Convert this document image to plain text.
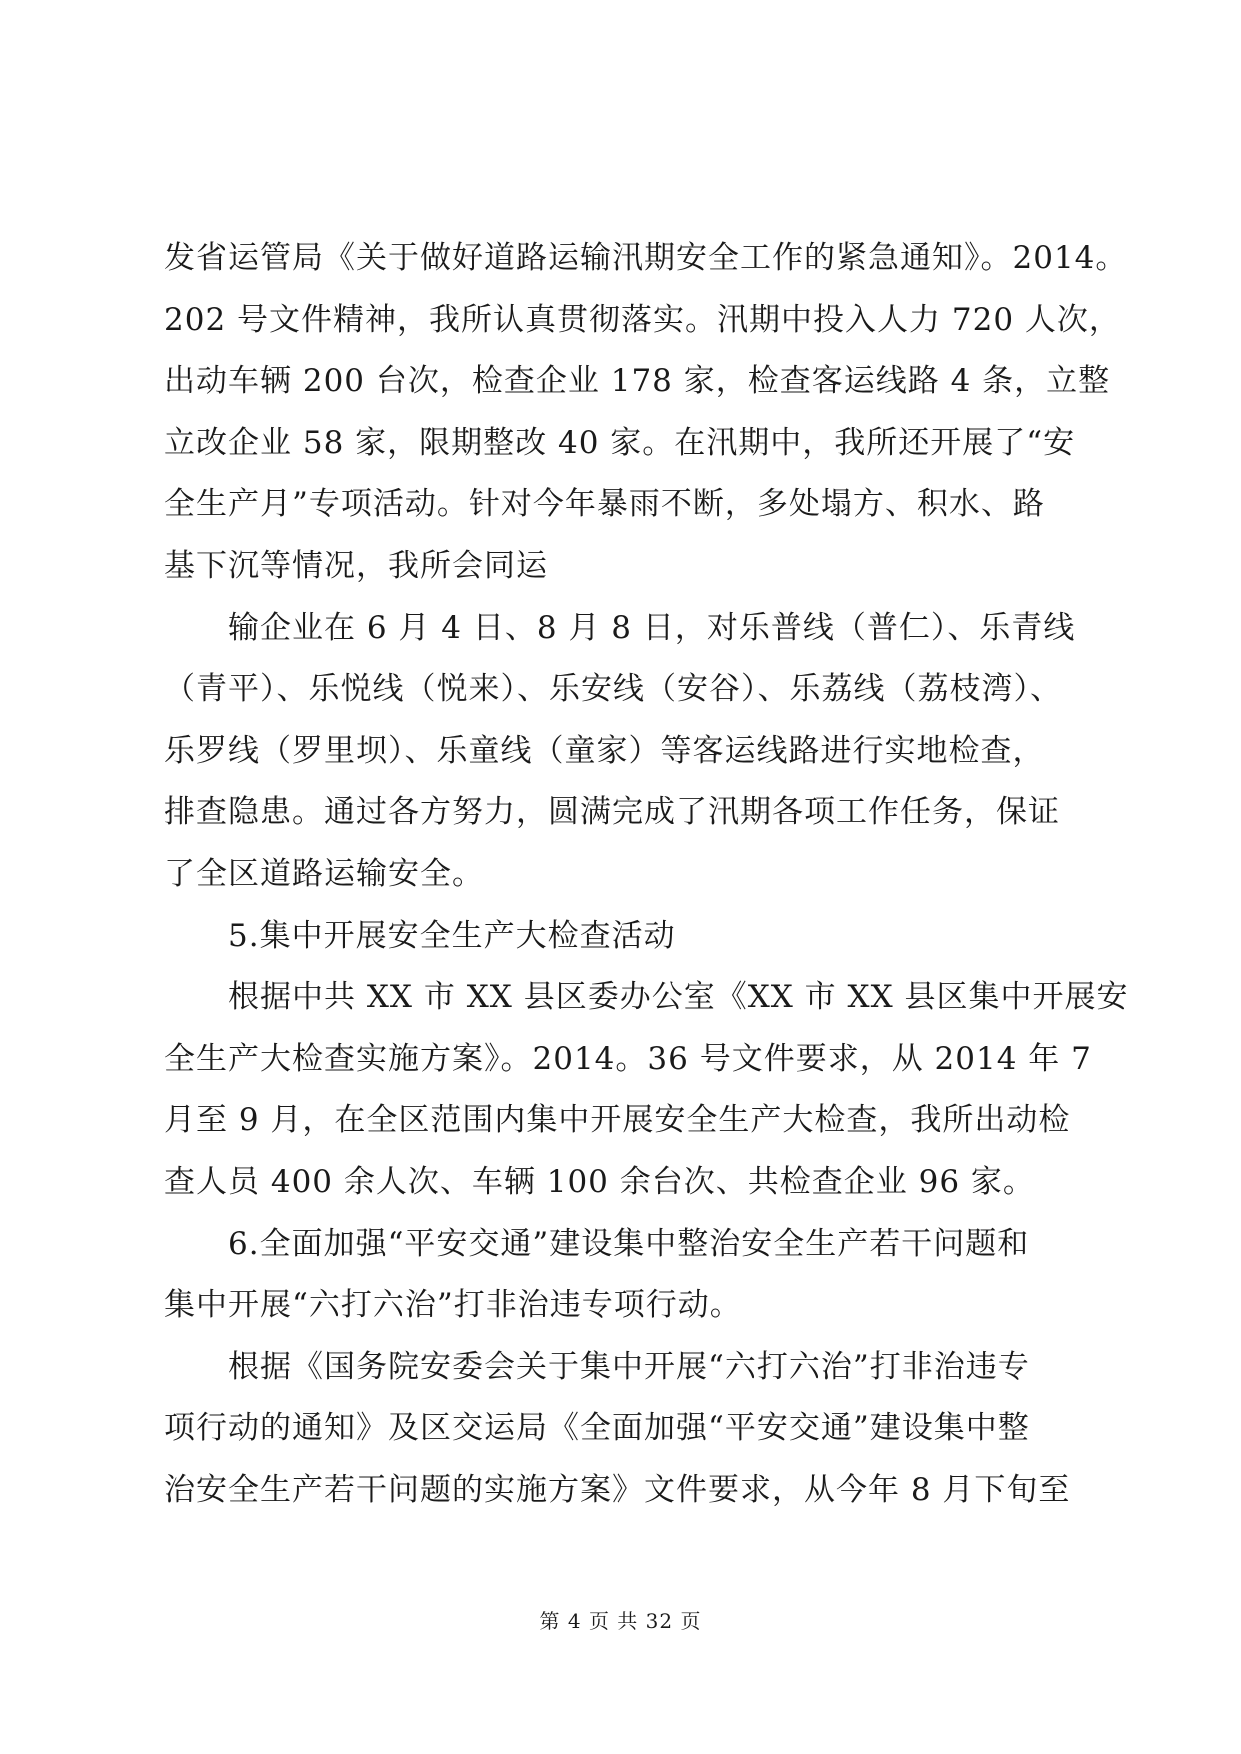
发省运管局《关于做好道路运输汛期安全工作的紧急通知》。2014。
202 号文件精神，我所认真贯彻落实。汛期中投入人力 720 人次，
出动车辆 200 台次，检查企业 178 家，检查客运线路 4 条，立整
立改企业 58 家，限期整改 40 家。在汛期中，我所还开展了“安
全生产月”专项活动。针对今年暴雨不断，多处塌方、积水、路
基下沉等情况，我所会同运
输企业在 6 月 4 日、8 月 8 日，对乐普线（普仁）、乐青线
（青平）、乐悦线（悦来）、乐安线（安谷）、乐荔线（荔枝湾）、
乐罗线（罗里坝）、乐童线（童家）等客运线路进行实地检查，
排查隐患。通过各方努力，圆满完成了汛期各项工作任务，保证
了全区道路运输安全。
5.集中开展安全生产大检查活动
根据中共 XX 市 XX 县区委办公室《XX 市 XX 县区集中开展安
全生产大检查实施方案》。2014。36 号文件要求，从 2014 年 7
月至 9 月，在全区范围内集中开展安全生产大检查，我所出动检
查人员 400 余人次、车辆 100 余台次、共检查企业 96 家。
6.全面加强“平安交通”建设集中整治安全生产若干问题和
集中开展“六打六治”打非治违专项行动。
根据《国务院安委会关于集中开展“六打六治”打非治违专
项行动的通知》及区交运局《全面加强“平安交通”建设集中整
治安全生产若干问题的实施方案》文件要求，从今年 8 月下旬至
第 4 页 共 32 页
